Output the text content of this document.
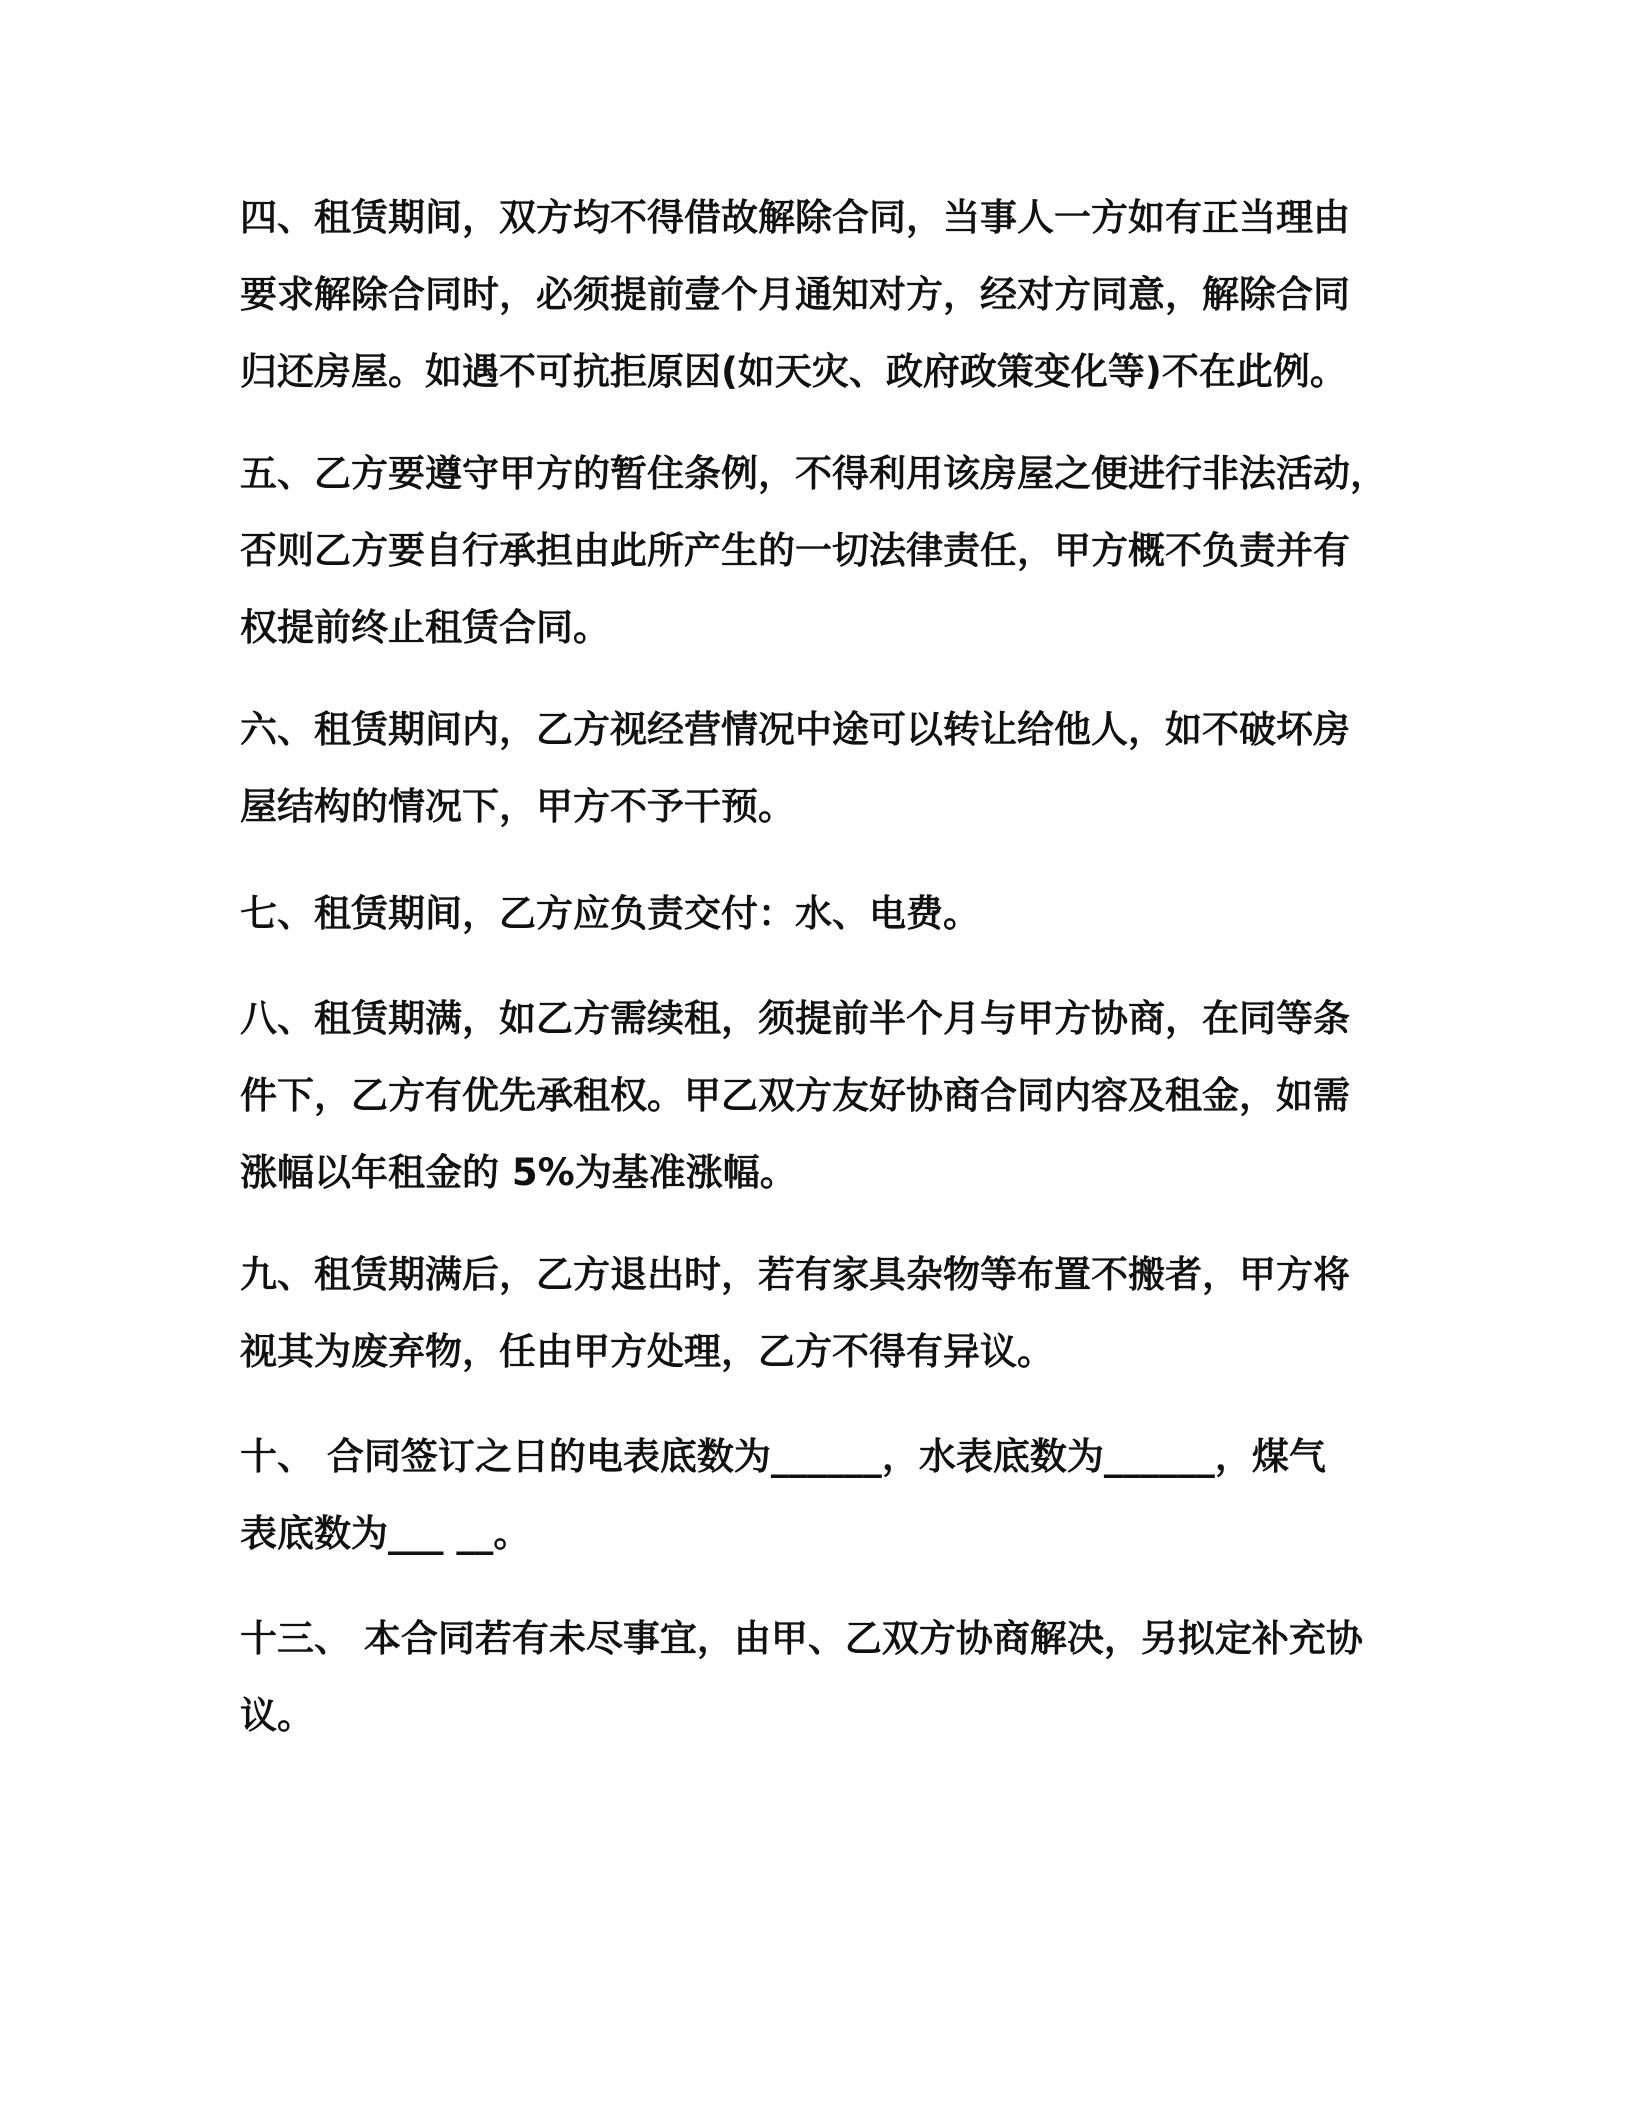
四、租赁期间，双方均不得借故解除合同，当事人一方如有正当理由
要求解除合同时，必须提前壹个月通知对方，经对方同意，解除合同
归还房屋。如遇不可抗拒原因(如天灾、政府政策变化等)不在此例。

五、乙方要遵守甲方的暂住条例，不得利用该房屋之便进行非法活动，
否则乙方要自行承担由此所产生的一切法律责任，甲方概不负责并有
权提前终止租赁合同。

六、租赁期间内，乙方视经营情况中途可以转让给他人，如不破坏房
屋结构的情况下，甲方不予干预。

七、租赁期间，乙方应负责交付：水、电费。

八、租赁期满，如乙方需续租，须提前半个月与甲方协商，在同等条
件下，乙方有优先承租权。甲乙双方友好协商合同内容及租金，如需
涨幅以年租金的 5%为基准涨幅。

九、租赁期满后，乙方退出时，若有家具杂物等布置不搬者，甲方将
视其为废弃物，任由甲方处理，乙方不得有异议。

十、 合同签订之日的电表底数为______，水表底数为______，煤气
表底数为___ __。

十三、 本合同若有未尽事宜，由甲、乙双方协商解决，另拟定补充协
议。
